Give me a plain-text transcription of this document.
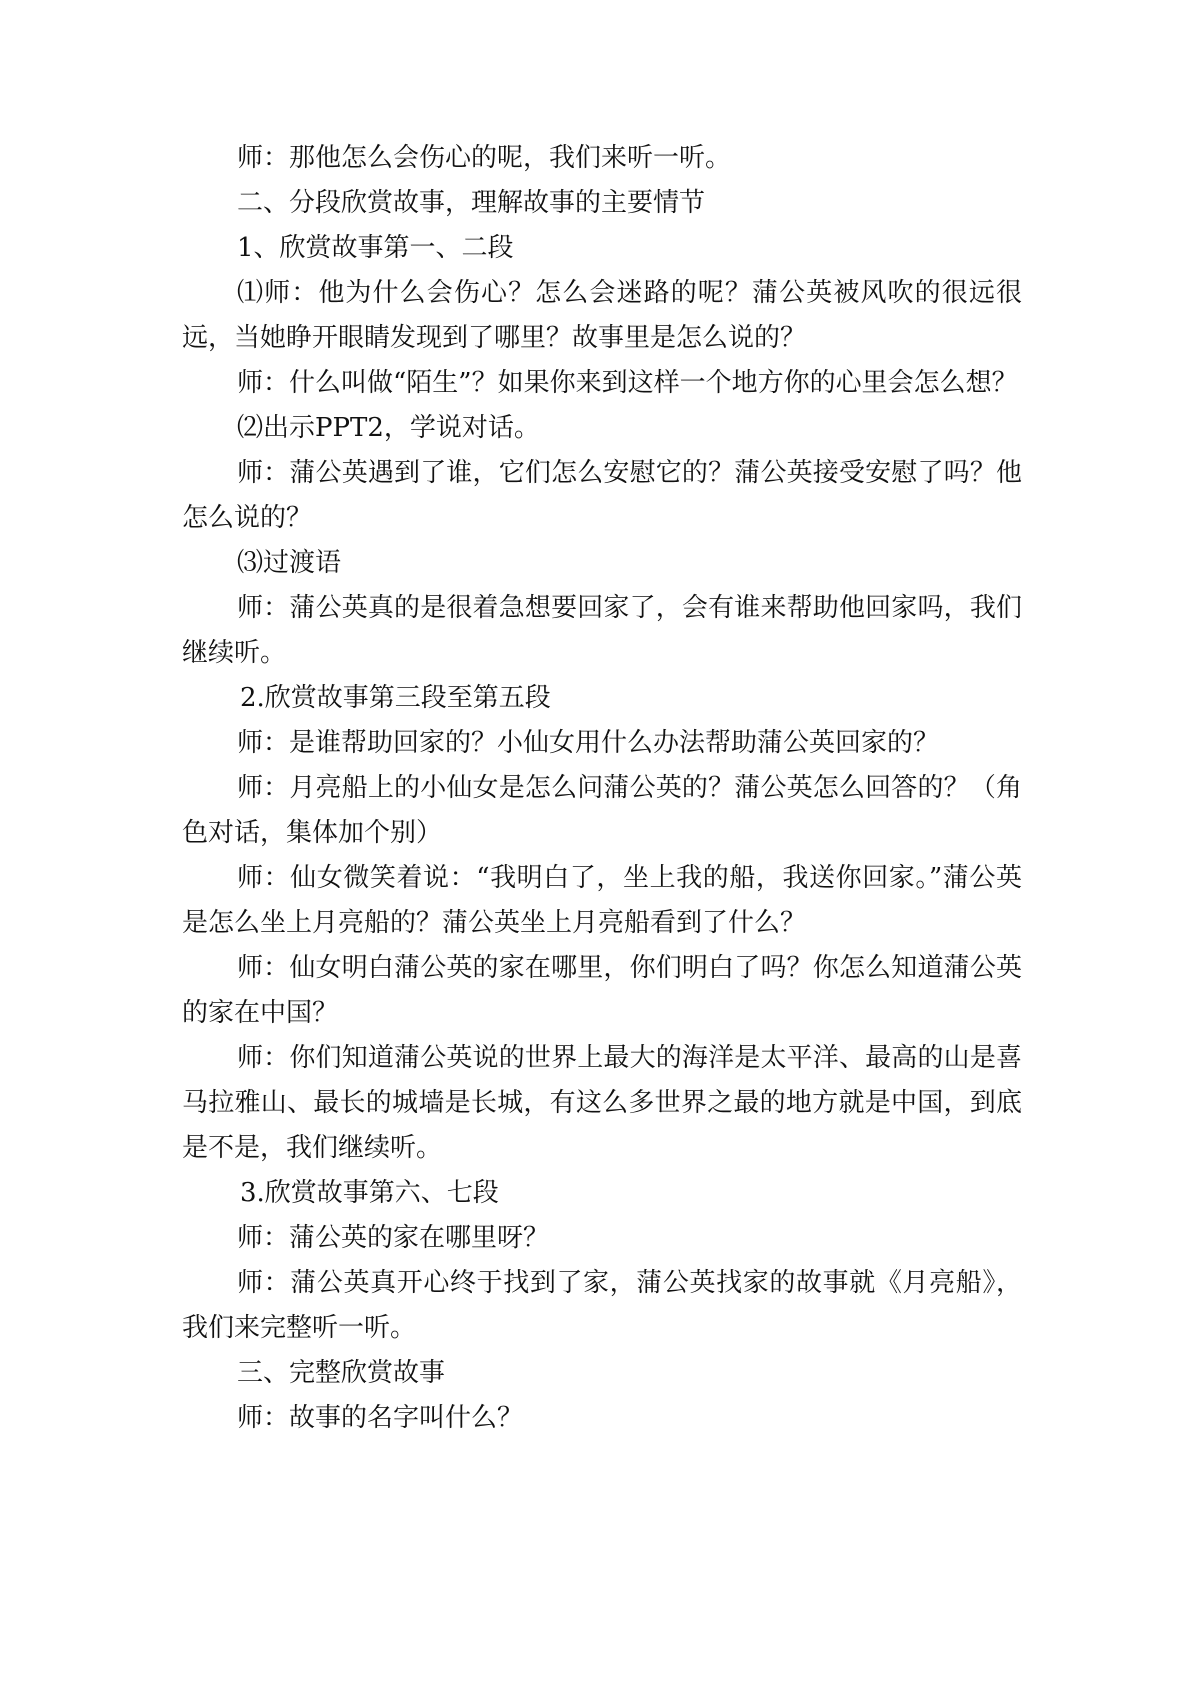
师：那他怎么会伤心的呢，我们来听一听。

二、分段欣赏故事，理解故事的主要情节

1、欣赏故事第一、二段

⑴师：他为什么会伤心？怎么会迷路的呢？蒲公英被风吹的很远很远，当她睁开眼睛发现到了哪里？故事里是怎么说的？

师：什么叫做“陌生”？如果你来到这样一个地方你的心里会怎么想？

⑵出示PPT2，学说对话。

师：蒲公英遇到了谁，它们怎么安慰它的？蒲公英接受安慰了吗？他怎么说的？

⑶过渡语

师：蒲公英真的是很着急想要回家了，会有谁来帮助他回家吗，我们继续听。

2.欣赏故事第三段至第五段

师：是谁帮助回家的？小仙女用什么办法帮助蒲公英回家的？

师：月亮船上的小仙女是怎么问蒲公英的？蒲公英怎么回答的？（角色对话，集体加个别）

师：仙女微笑着说：“我明白了，坐上我的船，我送你回家。”蒲公英是怎么坐上月亮船的？蒲公英坐上月亮船看到了什么？

师：仙女明白蒲公英的家在哪里，你们明白了吗？你怎么知道蒲公英的家在中国？

师：你们知道蒲公英说的世界上最大的海洋是太平洋、最高的山是喜马拉雅山、最长的城墙是长城，有这么多世界之最的地方就是中国，到底是不是，我们继续听。

3.欣赏故事第六、七段

师：蒲公英的家在哪里呀？

师：蒲公英真开心终于找到了家，蒲公英找家的故事就《月亮船》，我们来完整听一听。

三、完整欣赏故事

师：故事的名字叫什么？
